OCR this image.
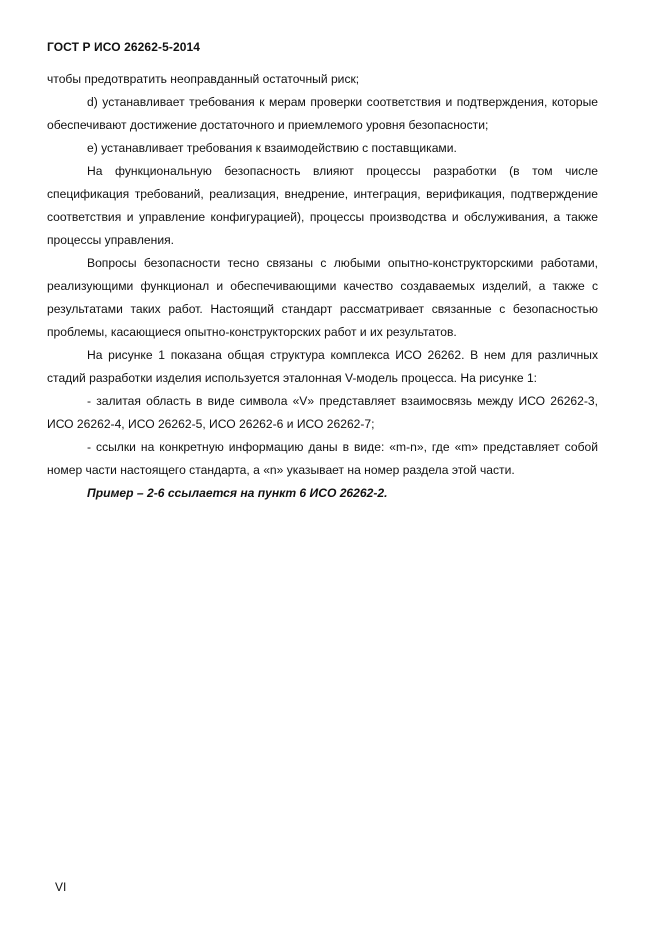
ГОСТ Р ИСО 26262-5-2014

чтобы предотвратить неоправданный остаточный риск;

d) устанавливает требования к мерам проверки соответствия и подтверждения, которые обеспечивают достижение достаточного и приемлемого уровня безопасности;

e) устанавливает требования к взаимодействию с поставщиками.

На функциональную безопасность влияют процессы разработки (в том числе спецификация требований, реализация, внедрение, интеграция, верификация, подтверждение соответствия и управление конфигурацией), процессы производства и обслуживания, а также процессы управления.

Вопросы безопасности тесно связаны с любыми опытно-конструкторскими работами, реализующими функционал и обеспечивающими качество создаваемых изделий, а также с результатами таких работ. Настоящий стандарт рассматривает связанные с безопасностью проблемы, касающиеся опытно-конструкторских работ и их результатов.

На рисунке 1 показана общая структура комплекса ИСО 26262. В нем для различных стадий разработки изделия используется эталонная V-модель процесса. На рисунке 1:

- залитая область в виде символа «V» представляет взаимосвязь между ИСО 26262-3, ИСО 26262-4, ИСО 26262-5, ИСО 26262-6 и ИСО 26262-7;

- ссылки на конкретную информацию даны в виде: «m-n», где «m» представляет собой номер части настоящего стандарта, а «n» указывает на номер раздела этой части.

Пример – 2-6 ссылается на пункт 6 ИСО 26262-2.

VI
